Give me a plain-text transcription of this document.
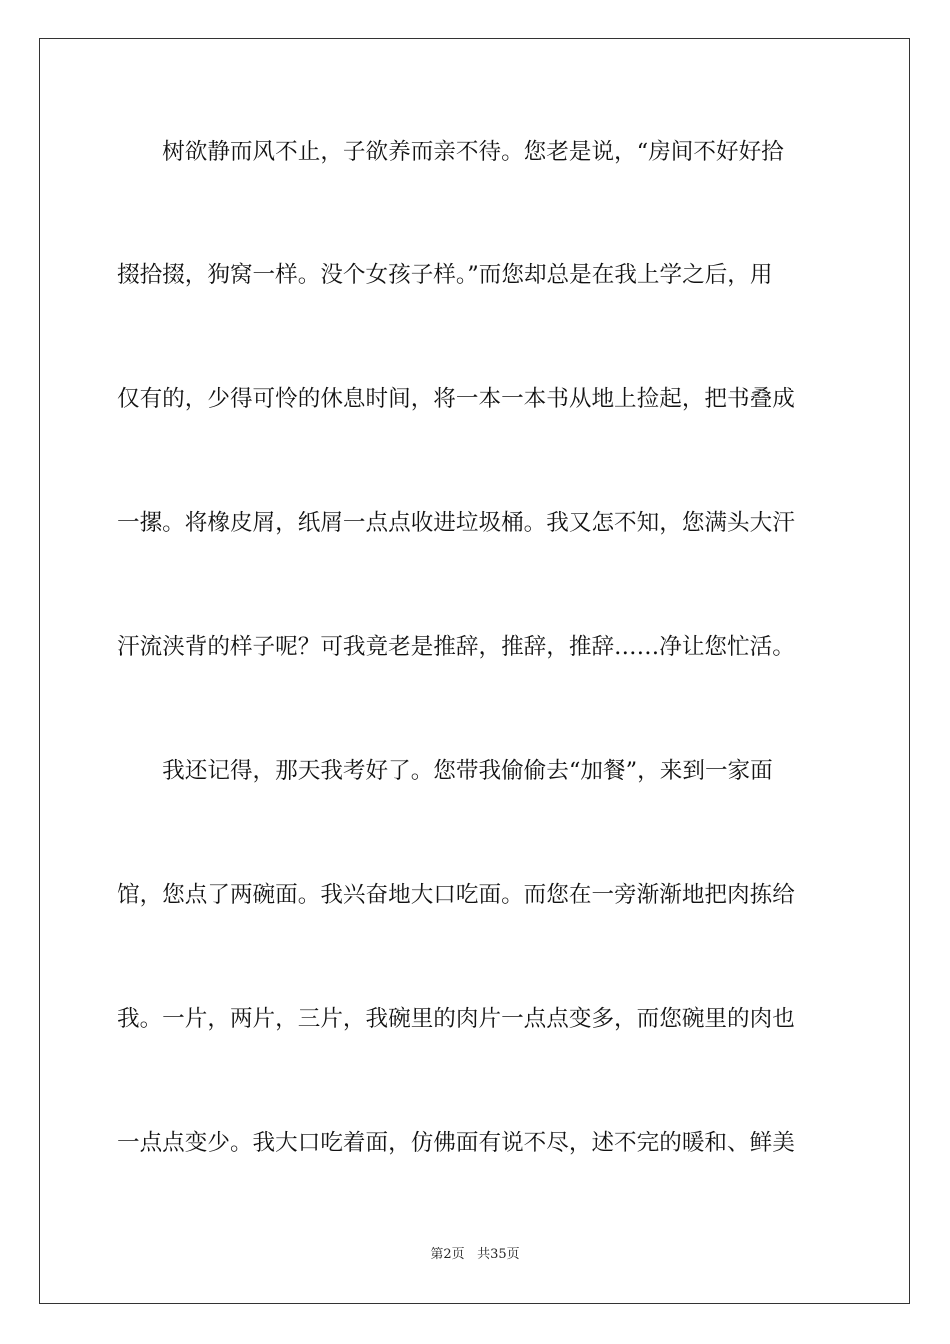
　　树欲静而风不止，子欲养而亲不待。您老是说，“房间不好好拾
掇拾掇，狗窝一样。没个女孩子样。”而您却总是在我上学之后，用
仅有的，少得可怜的休息时间，将一本一本书从地上捡起，把书叠成
一摞。将橡皮屑，纸屑一点点收进垃圾桶。我又怎不知，您满头大汗
汗流浃背的样子呢？可我竟老是推辞，推辞，推辞……净让您忙活。
　　我还记得，那天我考好了。您带我偷偷去“加餐”，来到一家面
馆，您点了两碗面。我兴奋地大口吃面。而您在一旁渐渐地把肉拣给
我。一片，两片，三片，我碗里的肉片一点点变多，而您碗里的肉也
一点点变少。我大口吃着面，仿佛面有说不尽，述不完的暖和、鲜美
第2页 共35页
